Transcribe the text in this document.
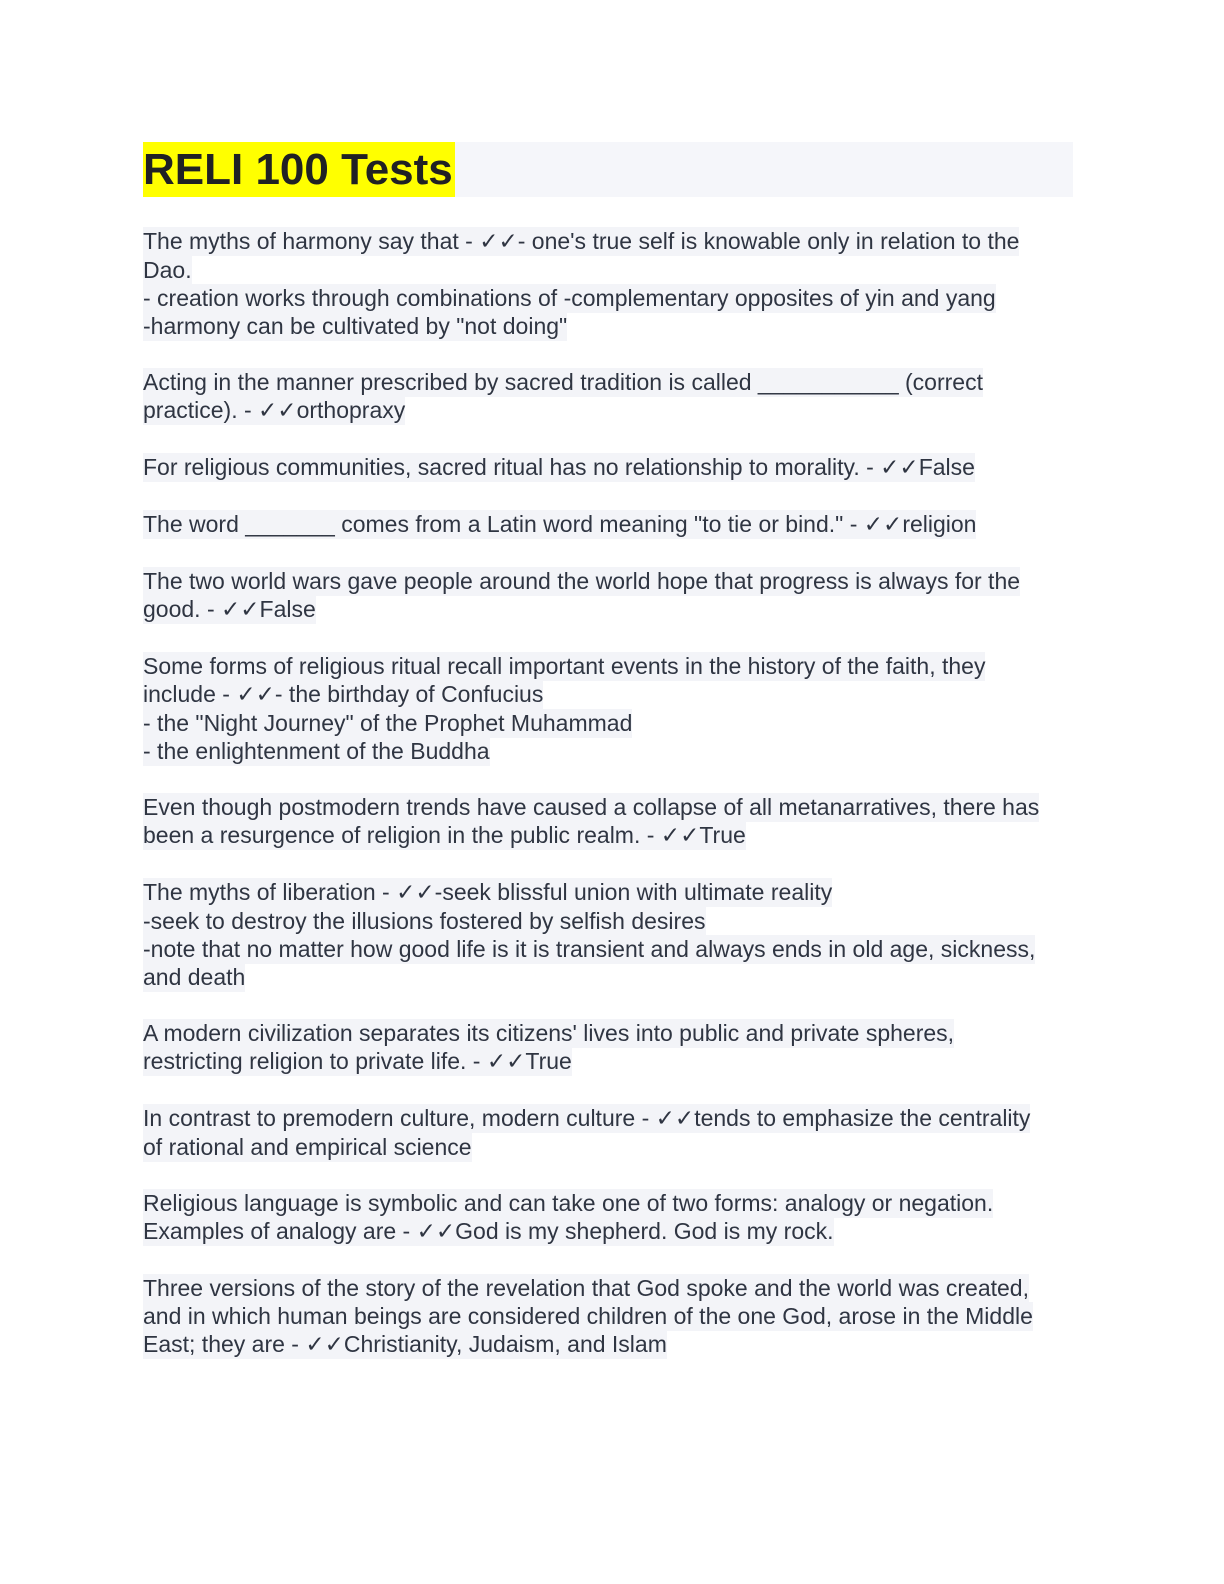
RELI 100 Tests
The myths of harmony say that - ✓✓- one's true self is knowable only in relation to the
Dao.
- creation works through combinations of -complementary opposites of yin and yang
-harmony can be cultivated by "not doing"
Acting in the manner prescribed by sacred tradition is called ___________ (correct
practice). - ✓✓orthopraxy
For religious communities, sacred ritual has no relationship to morality. - ✓✓False
The word _______ comes from a Latin word meaning "to tie or bind." - ✓✓religion
The two world wars gave people around the world hope that progress is always for the
good. - ✓✓False
Some forms of religious ritual recall important events in the history of the faith, they
include - ✓✓- the birthday of Confucius
- the "Night Journey" of the Prophet Muhammad
- the enlightenment of the Buddha
Even though postmodern trends have caused a collapse of all metanarratives, there has
been a resurgence of religion in the public realm. - ✓✓True
The myths of liberation - ✓✓-seek blissful union with ultimate reality
-seek to destroy the illusions fostered by selfish desires
-note that no matter how good life is it is transient and always ends in old age, sickness,
and death
A modern civilization separates its citizens' lives into public and private spheres,
restricting religion to private life. - ✓✓True
In contrast to premodern culture, modern culture - ✓✓tends to emphasize the centrality
of rational and empirical science
Religious language is symbolic and can take one of two forms: analogy or negation.
Examples of analogy are - ✓✓God is my shepherd. God is my rock.
Three versions of the story of the revelation that God spoke and the world was created,
and in which human beings are considered children of the one God, arose in the Middle
East; they are - ✓✓Christianity, Judaism, and Islam
